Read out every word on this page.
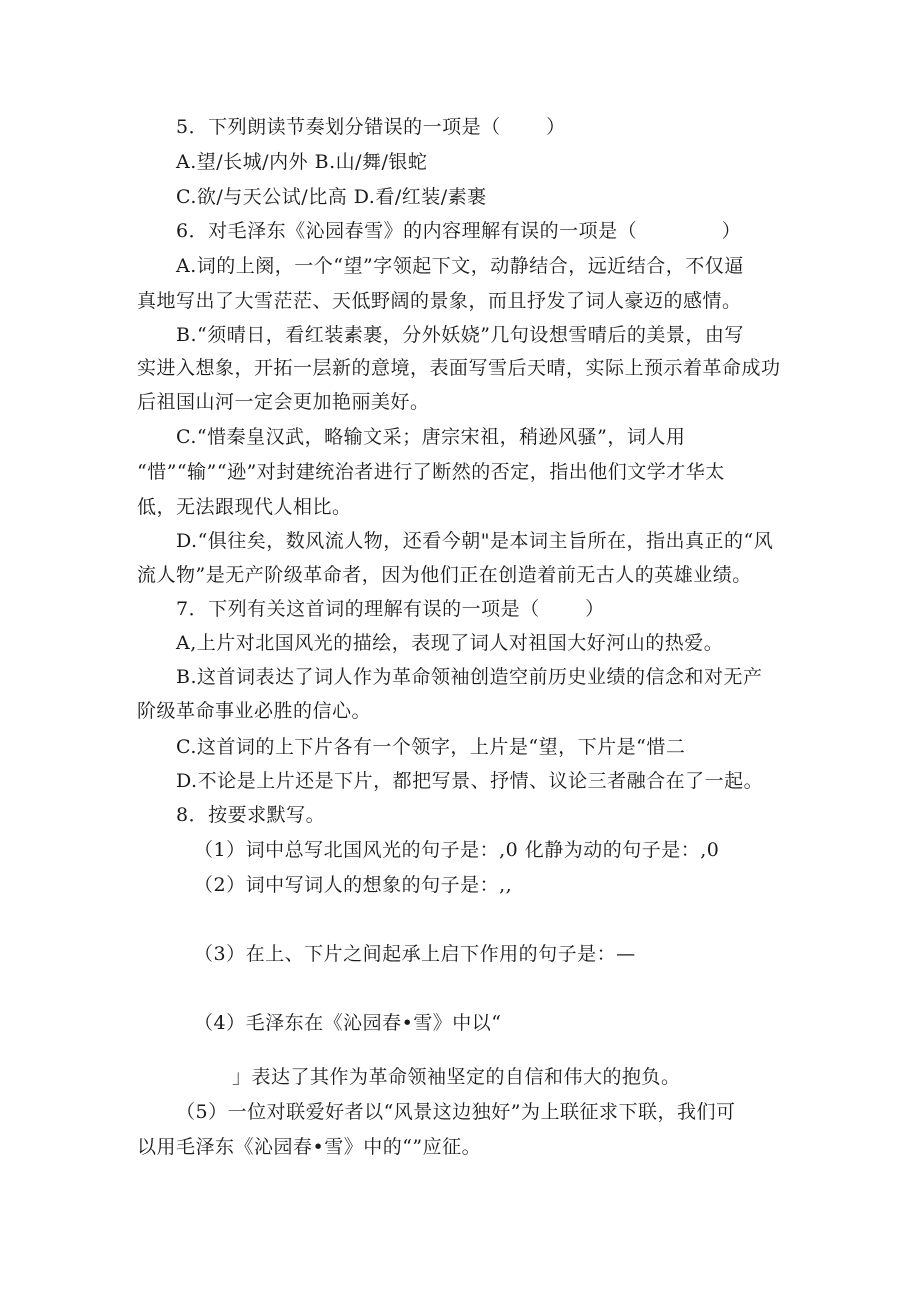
5．下列朗读节奏划分错误的一项是（ 　　）
A.望/长城/内外 B.山/舞/银蛇
C.欲/与天公试/比高 D.看/红装/素裹
6．对毛泽东《沁园春雪》的内容理解有误的一项是（ 　　　　）
A.词的上阕，一个“望”字领起下文，动静结合，远近结合，不仅逼
真地写出了大雪茫茫、天低野阔的景象，而且抒发了词人豪迈的感情。
B.“须晴日，看红装素裹，分外妖娆”几句设想雪晴后的美景，由写
实进入想象，开拓一层新的意境，表面写雪后天晴，实际上预示着革命成功
后祖国山河一定会更加艳丽美好。
C.“惜秦皇汉武，略输文采；唐宗宋祖，稍逊风骚”，词人用
“惜”“输”“逊”对封建统治者进行了断然的否定，指出他们文学才华太
低，无法跟现代人相比。
D.“俱往矣，数风流人物，还看今朝"是本词主旨所在，指出真正的“风
流人物”是无产阶级革命者，因为他们正在创造着前无古人的英雄业绩。
7．下列有关这首词的理解有误的一项是（ 　　）
A,上片对北国风光的描绘，表现了词人对祖国大好河山的热爱。
B.这首词表达了词人作为革命领袖创造空前历史业绩的信念和对无产
阶级革命事业必胜的信心。
C.这首词的上下片各有一个领字，上片是“望，下片是“惜二
D.不论是上片还是下片，都把写景、抒情、议论三者融合在了一起。
8．按要求默写。
（1）词中总写北国风光的句子是：,0 化静为动的句子是：,0
（2）词中写词人的想象的句子是：,,
（3）在上、下片之间起承上启下作用的句子是：—
（4）毛泽东在《沁园春•雪》中以“
」表达了其作为革命领袖坚定的自信和伟大的抱负。
（5）一位对联爱好者以“风景这边独好”为上联征求下联，我们可
以用毛泽东《沁园春•雪》中的“”应征。
